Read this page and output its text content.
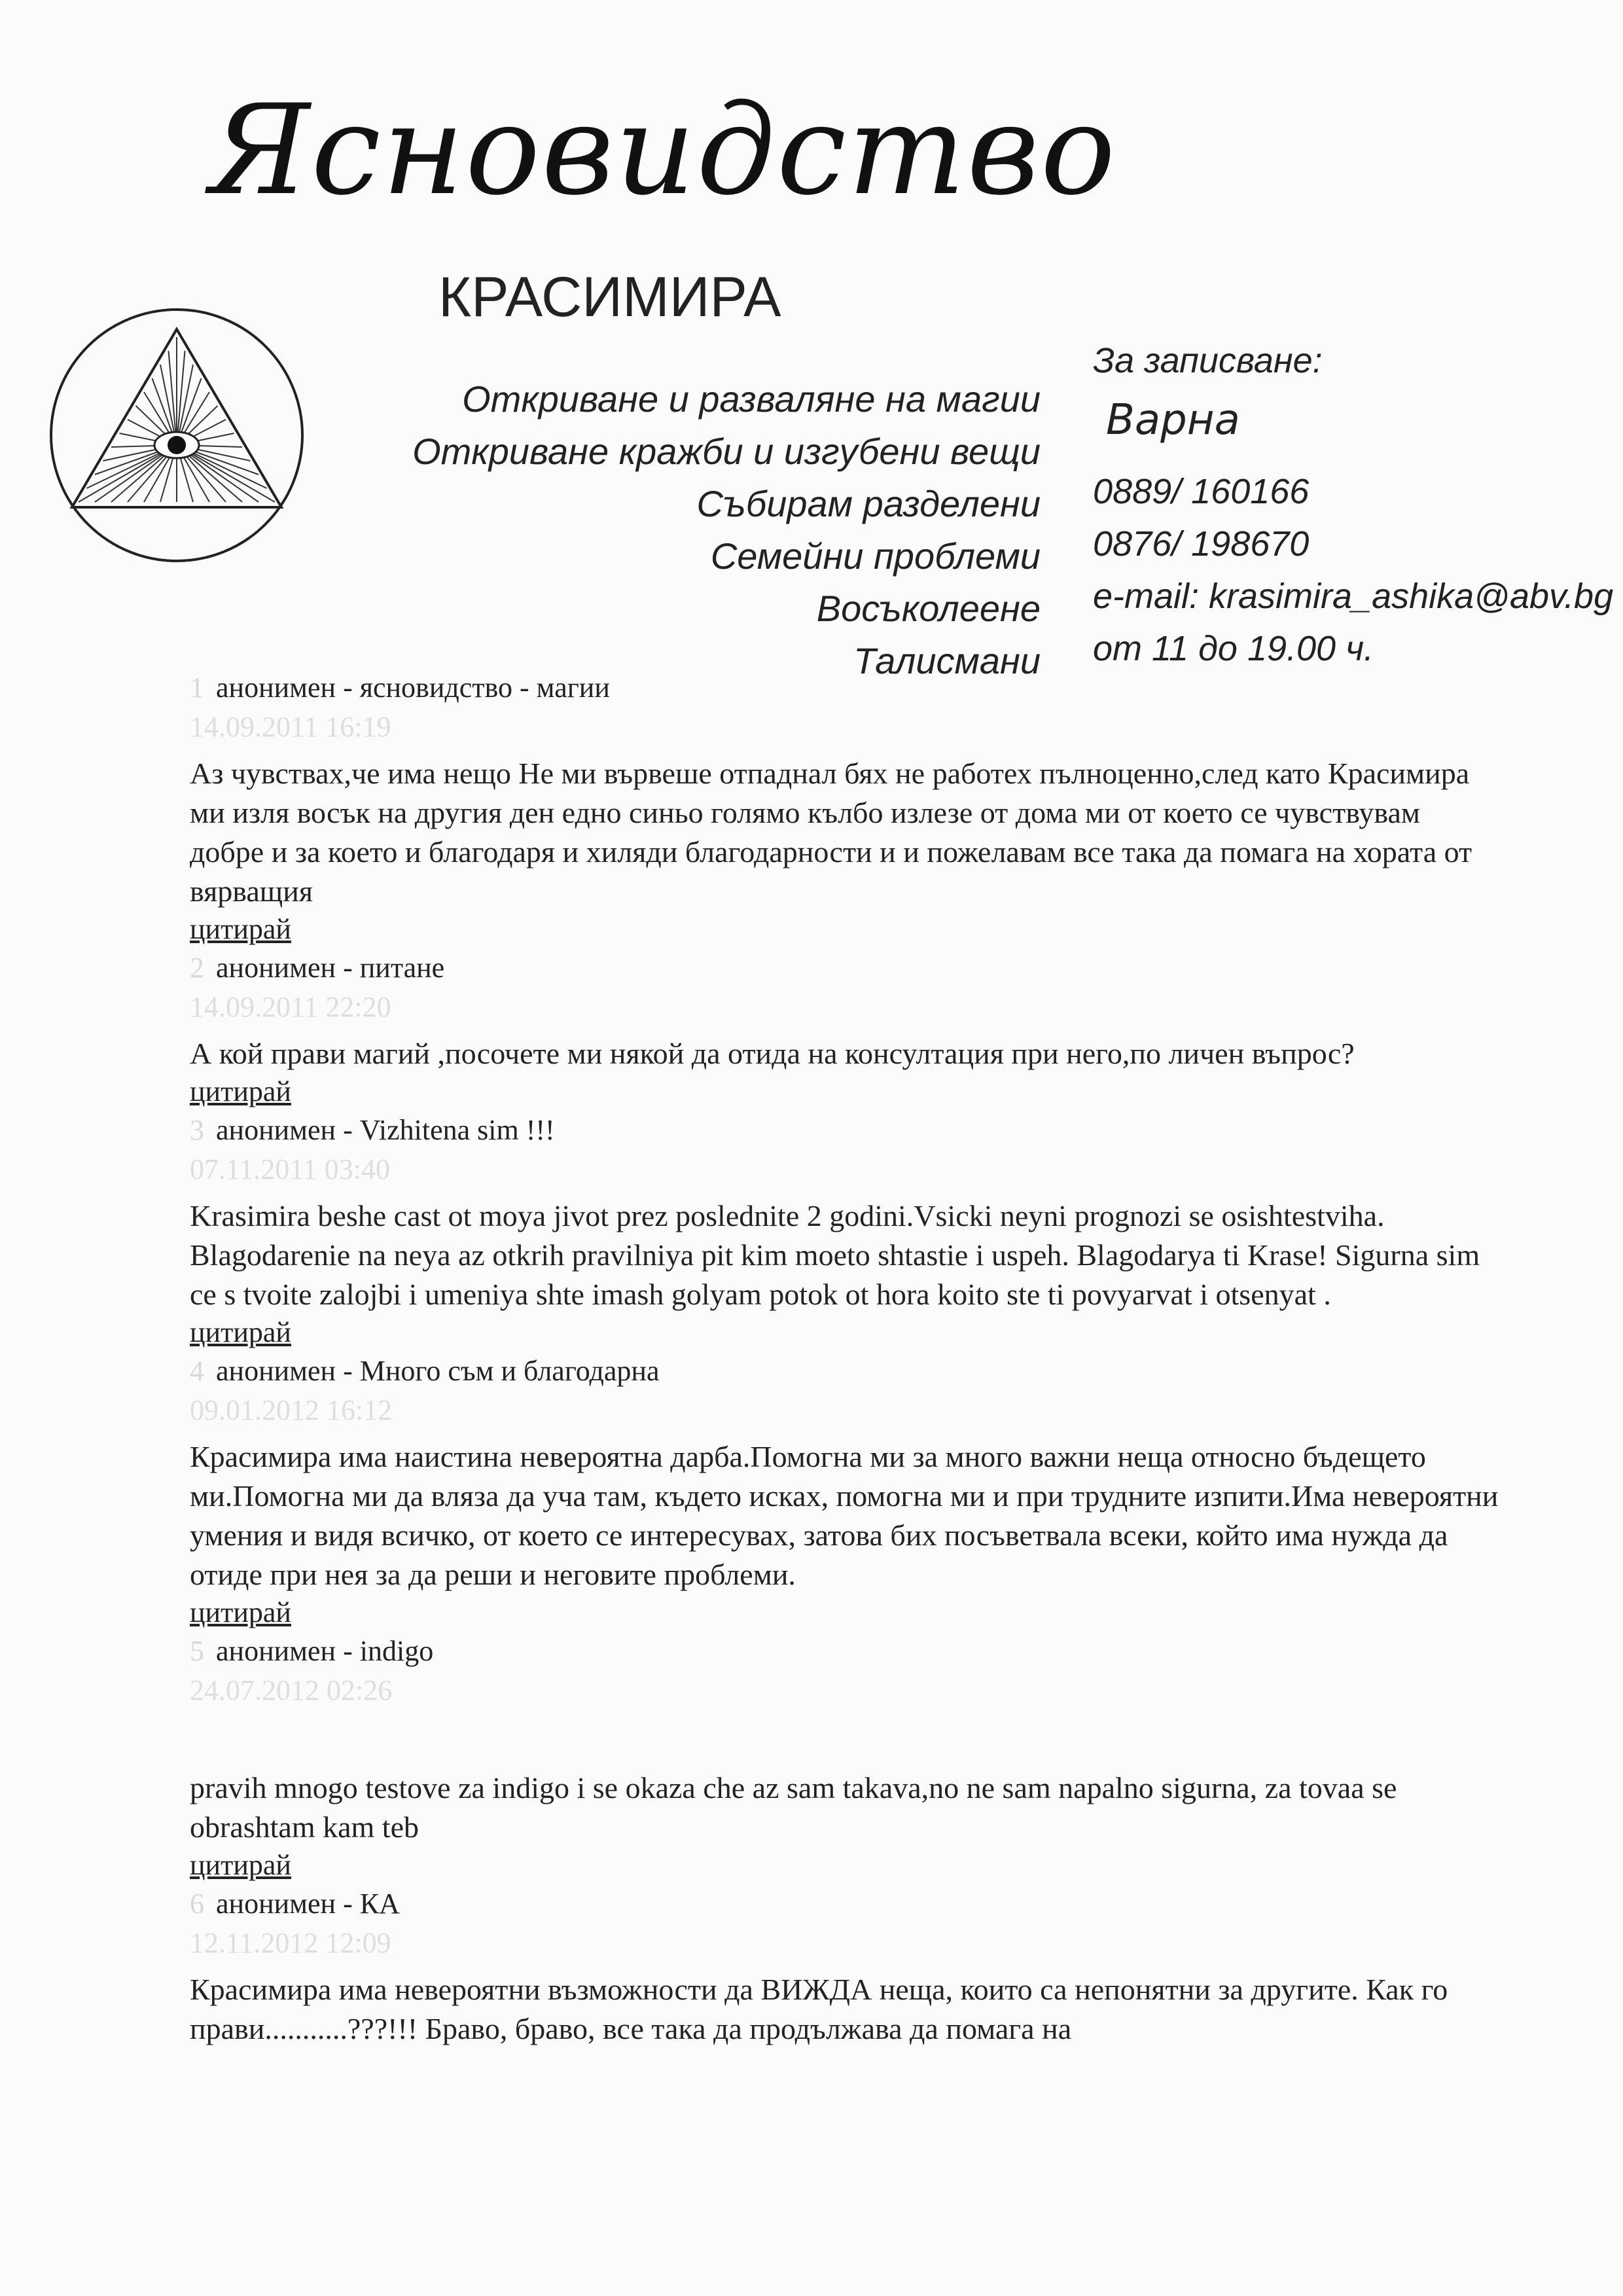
Ясновидство
КРАСИМИРА
Откриване и разваляне на магии
Откриване кражби и изгубени вещи
Събирам разделени
Семейни проблеми
Восъколеене
Талисмани
За записване:
Варна
0889/ 160166
0876/ 198670
e-mail: krasimira_ashika@abv.bg
от 11 до 19.00 ч.
1 анонимен - ясновидство - магии
14.09.2011 16:19
Аз чувствах,че има нещо Не ми вървеше отпаднал бях не работех пълноценно,след като Красимира ми изля восък на другия ден едно синьо голямо кълбо излезе от дома ми от което се чувствувам добре и за което и благодаря и хиляди благодарности и и пожелавам все така да помага на хората от вярващия
цитирай
2 анонимен - питане
14.09.2011 22:20
А кой прави магий ,посочете ми някой да отида на консултация при него,по личен въпрос?
цитирай
3 анонимен - Vizhitena sim !!!
07.11.2011 03:40
Krasimira beshe cast ot moya jivot prez poslednite 2 godini.Vsicki neyni prognozi se osishtestviha. Blagodarenie na neya az otkrih pravilniya pit kim moeto shtastie i uspeh. Blagodarya ti Krase! Sigurna sim ce s tvoite zalojbi i umeniya shte imash golyam potok ot hora koito ste ti povyarvat i otsenyat .
цитирай
4 анонимен - Много съм и благодарна
09.01.2012 16:12
Красимира има наистина невероятна дарба.Помогна ми за много важни неща относно бъдещето ми.Помогна ми да вляза да уча там, където исках, помогна ми и при трудните изпити.Има невероятни умения и видя всичко, от което се интересувах, затова бих посъветвала всеки, който има нужда да отиде при нея за да реши и неговите проблеми.
цитирай
5 анонимен - indigo
24.07.2012 02:26
pravih mnogo testove za indigo i se okaza che az sam takava,no ne sam napalno sigurna, za tovaa se obrashtam kam teb
цитирай
6 анонимен - КА
12.11.2012 12:09
Красимира има невероятни възможности да ВИЖДА неща, които са непонятни за другите. Как го прави...........???!!! Браво, браво, все така да продължава да помага на
